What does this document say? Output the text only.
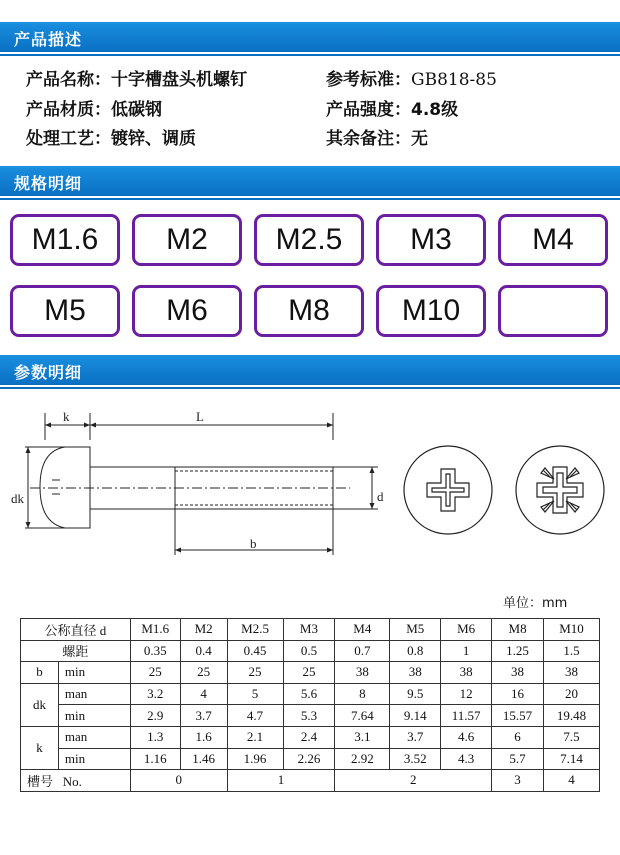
产品描述
产品名称：十字槽盘头机螺钉	参考标准：GB818-85
产品材质：低碳钢	产品强度：4.8级
处理工艺：镀锌、调质	其余备注：无
规格明细
M1.6	M2	M2.5	M3	M4
M5	M6	M8	M10
参数明细
k	L
dk	d
b
单位：mm
公称直径 d		M1.6	M2	M2.5	M3	M4	M5	M6	M8	M10
螺距		0.35	0.4	0.45	0.5	0.7	0.8	1	1.25	1.5
b	min	25	25	25	25	38	38	38	38	38
dk	man	3.2	4	5	5.6	8	9.5	12	16	20
	min	2.9	3.7	4.7	5.3	7.64	9.14	11.57	15.57	19.48
k	man	1.3	1.6	2.1	2.4	3.1	3.7	4.6	6	7.5
	min	1.16	1.46	1.96	2.26	2.92	3.52	4.3	5.7	7.14
槽号 No.		0		1		2			3	4
